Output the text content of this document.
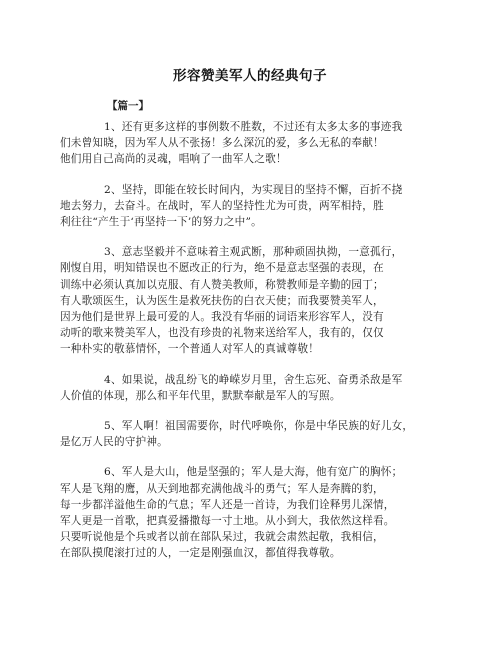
形容赞美军人的经典句子
【篇一】
1、还有更多这样的事例数不胜数，不过还有太多太多的事迹我
们未曾知晓，因为军人从不张扬！多么深沉的爱，多么无私的奉献！
他们用自己高尚的灵魂，唱响了一曲军人之歌！
2、坚持，即能在较长时间内，为实现目的坚持不懈，百折不挠
地去努力，去奋斗。在战时，军人的坚持性尤为可贵，两军相持，胜
利往往“产生于‘再坚持一下’的努力之中”。
3、意志坚毅并不意味着主观武断，那种顽固执拗，一意孤行，
刚愎自用，明知错误也不愿改正的行为，绝不是意志坚强的表现，在
训练中必须认真加以克服、有人赞美教师，称赞教师是辛勤的园丁；
有人歌颂医生，认为医生是救死扶伤的白衣天使；而我要赞美军人，
因为他们是世界上最可爱的人。我没有华丽的词语来形容军人，没有
动听的歌来赞美军人，也没有珍贵的礼物来送给军人，我有的，仅仅
一种朴实的敬慕情怀，一个普通人对军人的真诚尊敬！
4、如果说，战乱纷飞的峥嵘岁月里，舍生忘死、奋勇杀敌是军
人价值的体现，那么和平年代里，默默奉献是军人的写照。
5、军人啊！祖国需要你，时代呼唤你，你是中华民族的好儿女，
是亿万人民的守护神。
6、军人是大山，他是坚强的；军人是大海，他有宽广的胸怀；
军人是飞翔的鹰，从天到地都充满他战斗的勇气；军人是奔腾的豹，
每一步都洋溢他生命的气息；军人还是一首诗，为我们诠释男儿深情，
军人更是一首歌，把真爱播撒每一寸土地。从小到大，我依然这样看。
只要听说他是个兵或者以前在部队呆过，我就会肃然起敬，我相信，
在部队摸爬滚打过的人，一定是刚强血汉，都值得我尊敬。
